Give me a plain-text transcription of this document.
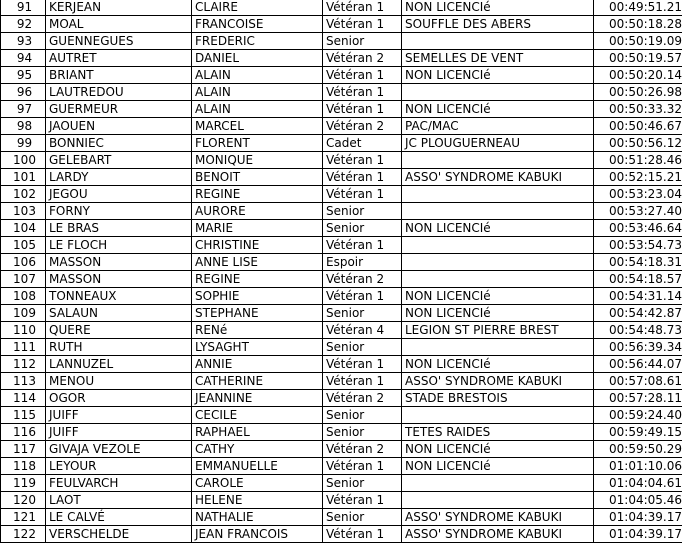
91	KERJEAN	CLAIRE	Vétéran 1	NON LICENCIé	00:49:51.21
92	MOAL	FRANCOISE	Vétéran 1	SOUFFLE DES ABERS	00:50:18.28
93	GUENNEGUES	FREDERIC	Senior		00:50:19.09
94	AUTRET	DANIEL	Vétéran 2	SEMELLES DE VENT	00:50:19.57
95	BRIANT	ALAIN	Vétéran 1	NON LICENCIé	00:50:20.14
96	LAUTREDOU	ALAIN	Vétéran 1		00:50:26.98
97	GUERMEUR	ALAIN	Vétéran 1	NON LICENCIé	00:50:33.32
98	JAOUEN	MARCEL	Vétéran 2	PAC/MAC	00:50:46.67
99	BONNIEC	FLORENT	Cadet	JC PLOUGUERNEAU	00:50:56.12
100	GELEBART	MONIQUE	Vétéran 1		00:51:28.46
101	LARDY	BENOIT	Vétéran 1	ASSO' SYNDROME KABUKI	00:52:15.21
102	JEGOU	REGINE	Vétéran 1		00:53:23.04
103	FORNY	AURORE	Senior		00:53:27.40
104	LE BRAS	MARIE	Senior	NON LICENCIé	00:53:46.64
105	LE FLOCH	CHRISTINE	Vétéran 1		00:53:54.73
106	MASSON	ANNE LISE	Espoir		00:54:18.31
107	MASSON	REGINE	Vétéran 2		00:54:18.57
108	TONNEAUX	SOPHIE	Vétéran 1	NON LICENCIé	00:54:31.14
109	SALAUN	STEPHANE	Senior	NON LICENCIé	00:54:42.87
110	QUERE	RENé	Vétéran 4	LEGION ST PIERRE BREST	00:54:48.73
111	RUTH	LYSAGHT	Senior		00:56:39.34
112	LANNUZEL	ANNIE	Vétéran 1	NON LICENCIé	00:56:44.07
113	MENOU	CATHERINE	Vétéran 1	ASSO' SYNDROME KABUKI	00:57:08.61
114	OGOR	JEANNINE	Vétéran 2	STADE BRESTOIS	00:57:28.11
115	JUIFF	CECILE	Senior		00:59:24.40
116	JUIFF	RAPHAEL	Senior	TETES RAIDES	00:59:49.15
117	GIVAJA VEZOLE	CATHY	Vétéran 2	NON LICENCIé	00:59:50.29
118	LEYOUR	EMMANUELLE	Vétéran 1	NON LICENCIé	01:01:10.06
119	FEULVARCH	CAROLE	Senior		01:04:04.61
120	LAOT	HELENE	Vétéran 1		01:04:05.46
121	LE CALVÉ	NATHALIE	Senior	ASSO' SYNDROME KABUKI	01:04:39.17
122	VERSCHELDE	JEAN FRANCOIS	Vétéran 1	ASSO' SYNDROME KABUKI	01:04:39.17
